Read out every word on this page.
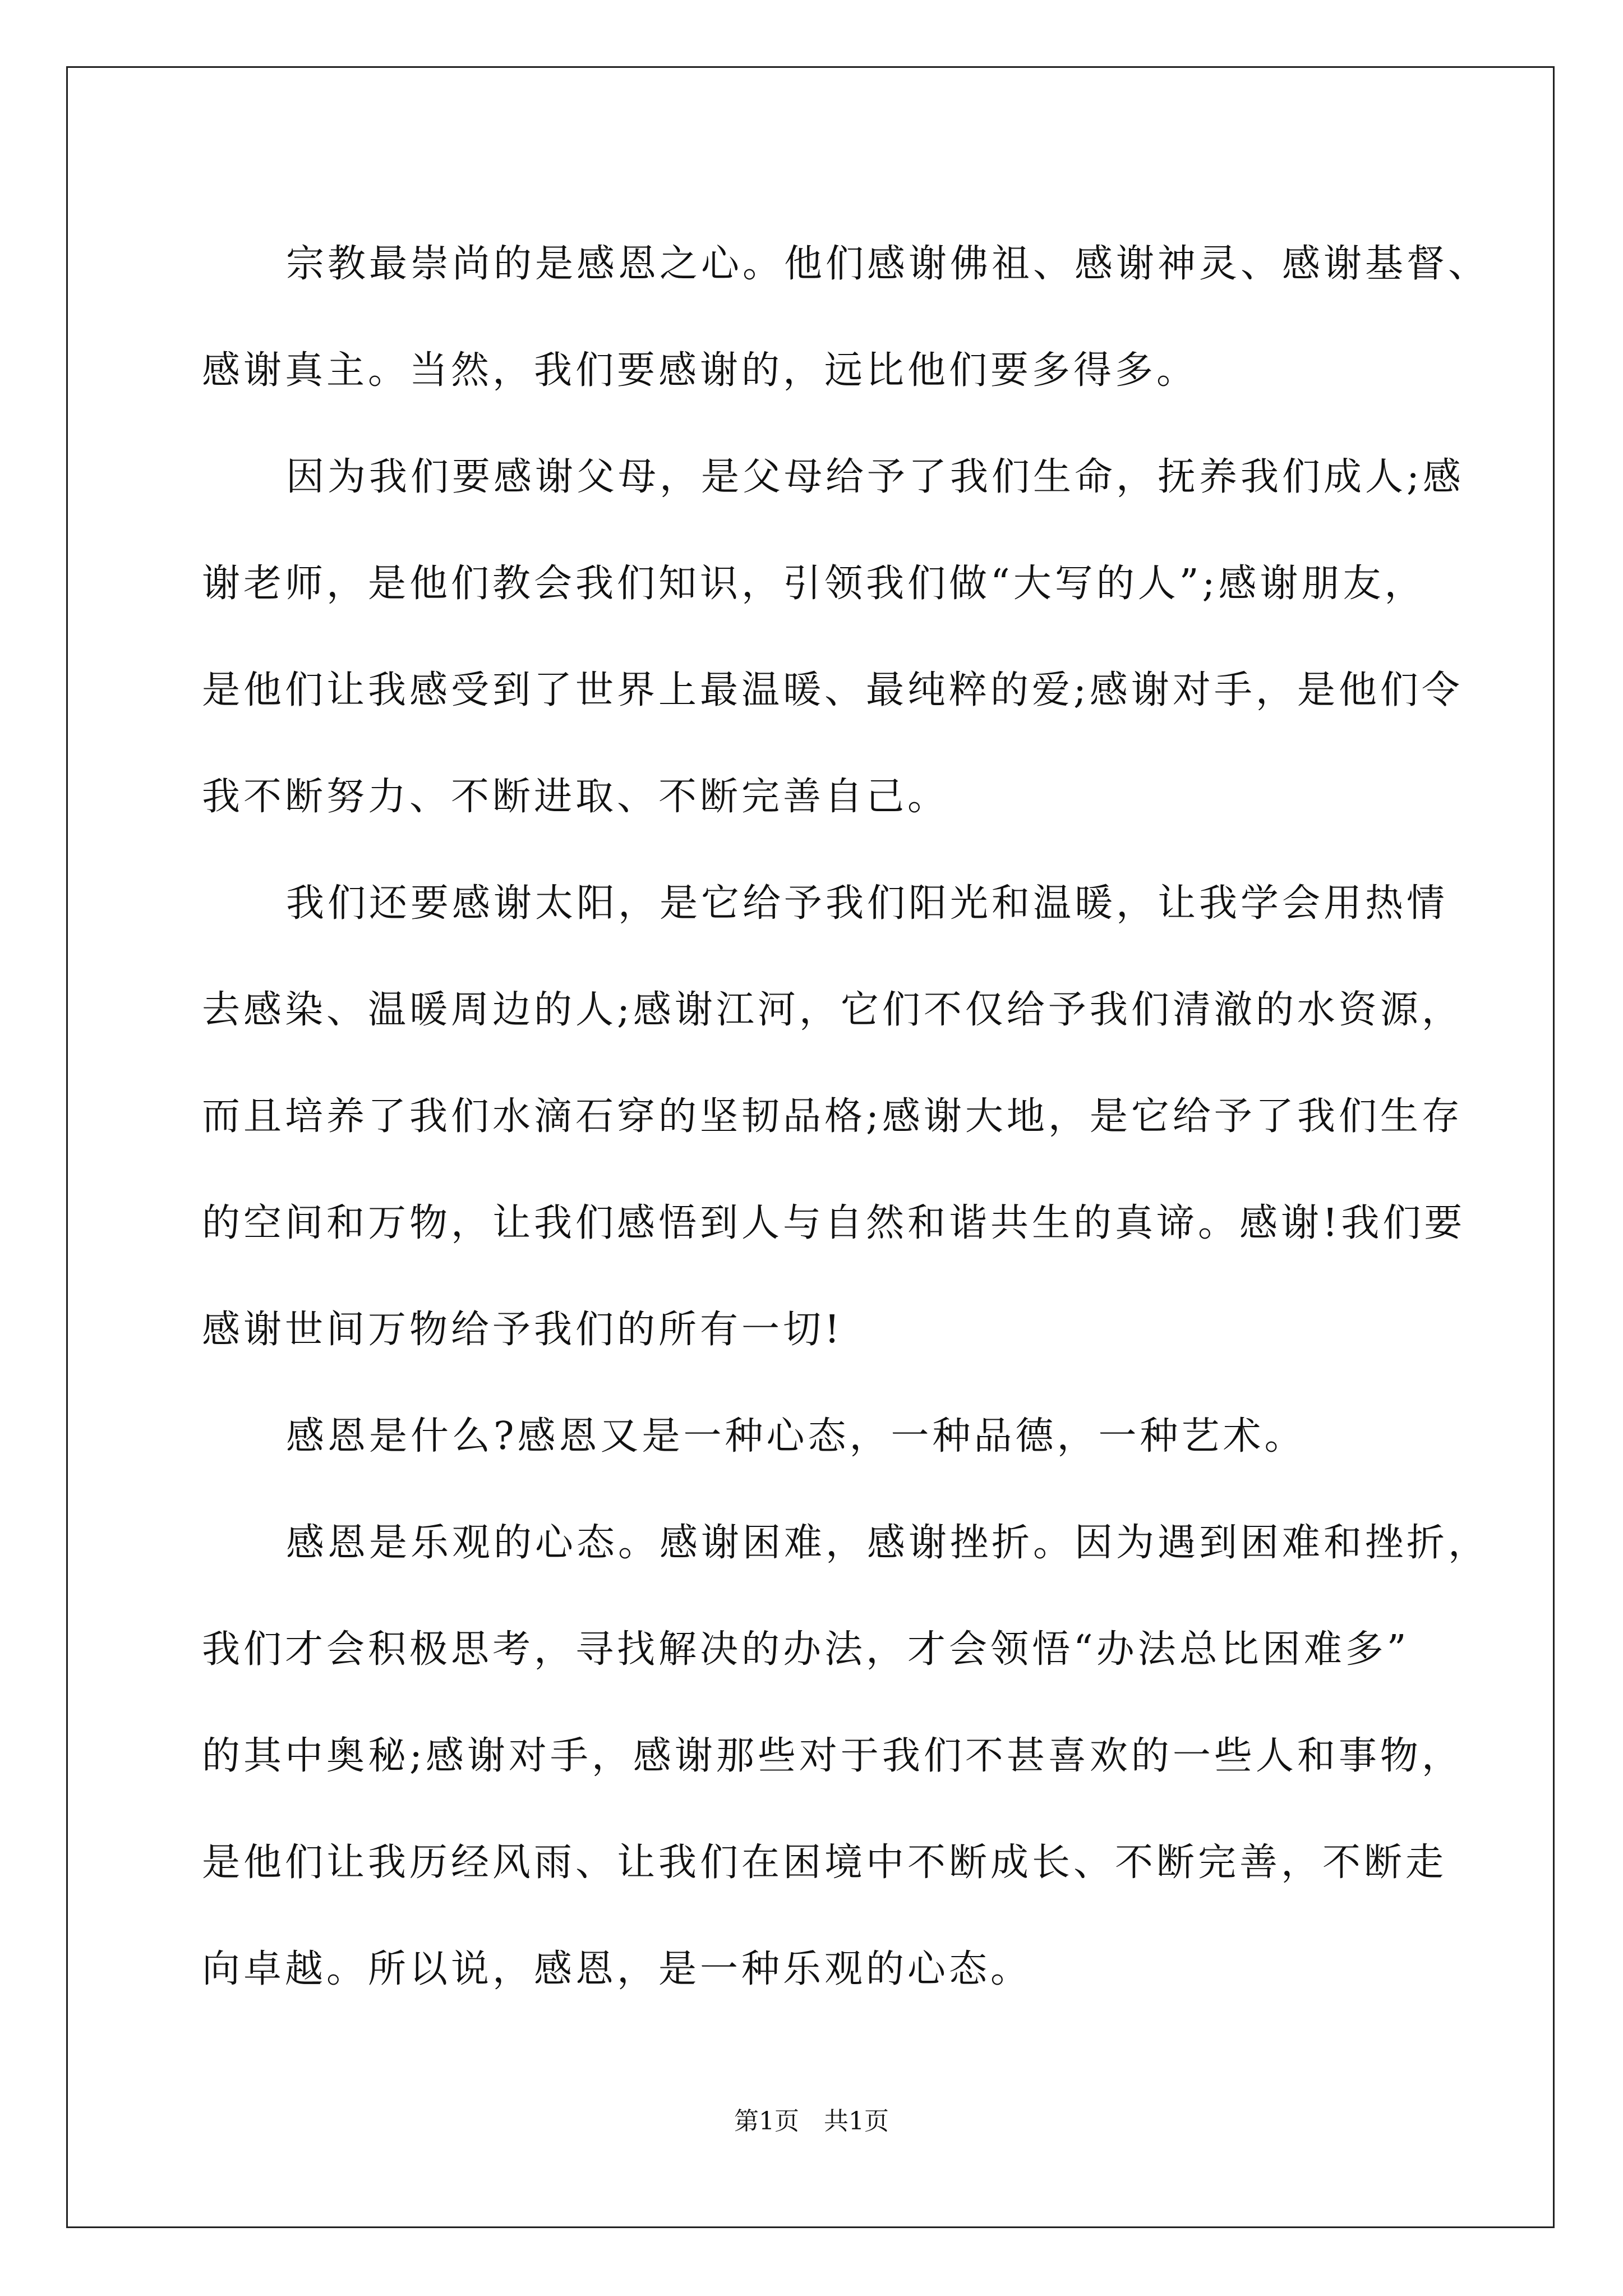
宗教最崇尚的是感恩之心。他们感谢佛祖、感谢神灵、感谢基督、
感谢真主。当然，我们要感谢的，远比他们要多得多。
因为我们要感谢父母，是父母给予了我们生命，抚养我们成人;感
谢老师，是他们教会我们知识，引领我们做“大写的人”;感谢朋友，
是他们让我感受到了世界上最温暖、最纯粹的爱;感谢对手，是他们令
我不断努力、不断进取、不断完善自己。
我们还要感谢太阳，是它给予我们阳光和温暖，让我学会用热情
去感染、温暖周边的人;感谢江河，它们不仅给予我们清澈的水资源，
而且培养了我们水滴石穿的坚韧品格;感谢大地，是它给予了我们生存
的空间和万物，让我们感悟到人与自然和谐共生的真谛。感谢!我们要
感谢世间万物给予我们的所有一切!
感恩是什么?感恩又是一种心态，一种品德，一种艺术。
感恩是乐观的心态。感谢困难，感谢挫折。因为遇到困难和挫折，
我们才会积极思考，寻找解决的办法，才会领悟“办法总比困难多”
的其中奥秘;感谢对手，感谢那些对于我们不甚喜欢的一些人和事物，
是他们让我历经风雨、让我们在困境中不断成长、不断完善，不断走
向卓越。所以说，感恩，是一种乐观的心态。
第1页　共1页
